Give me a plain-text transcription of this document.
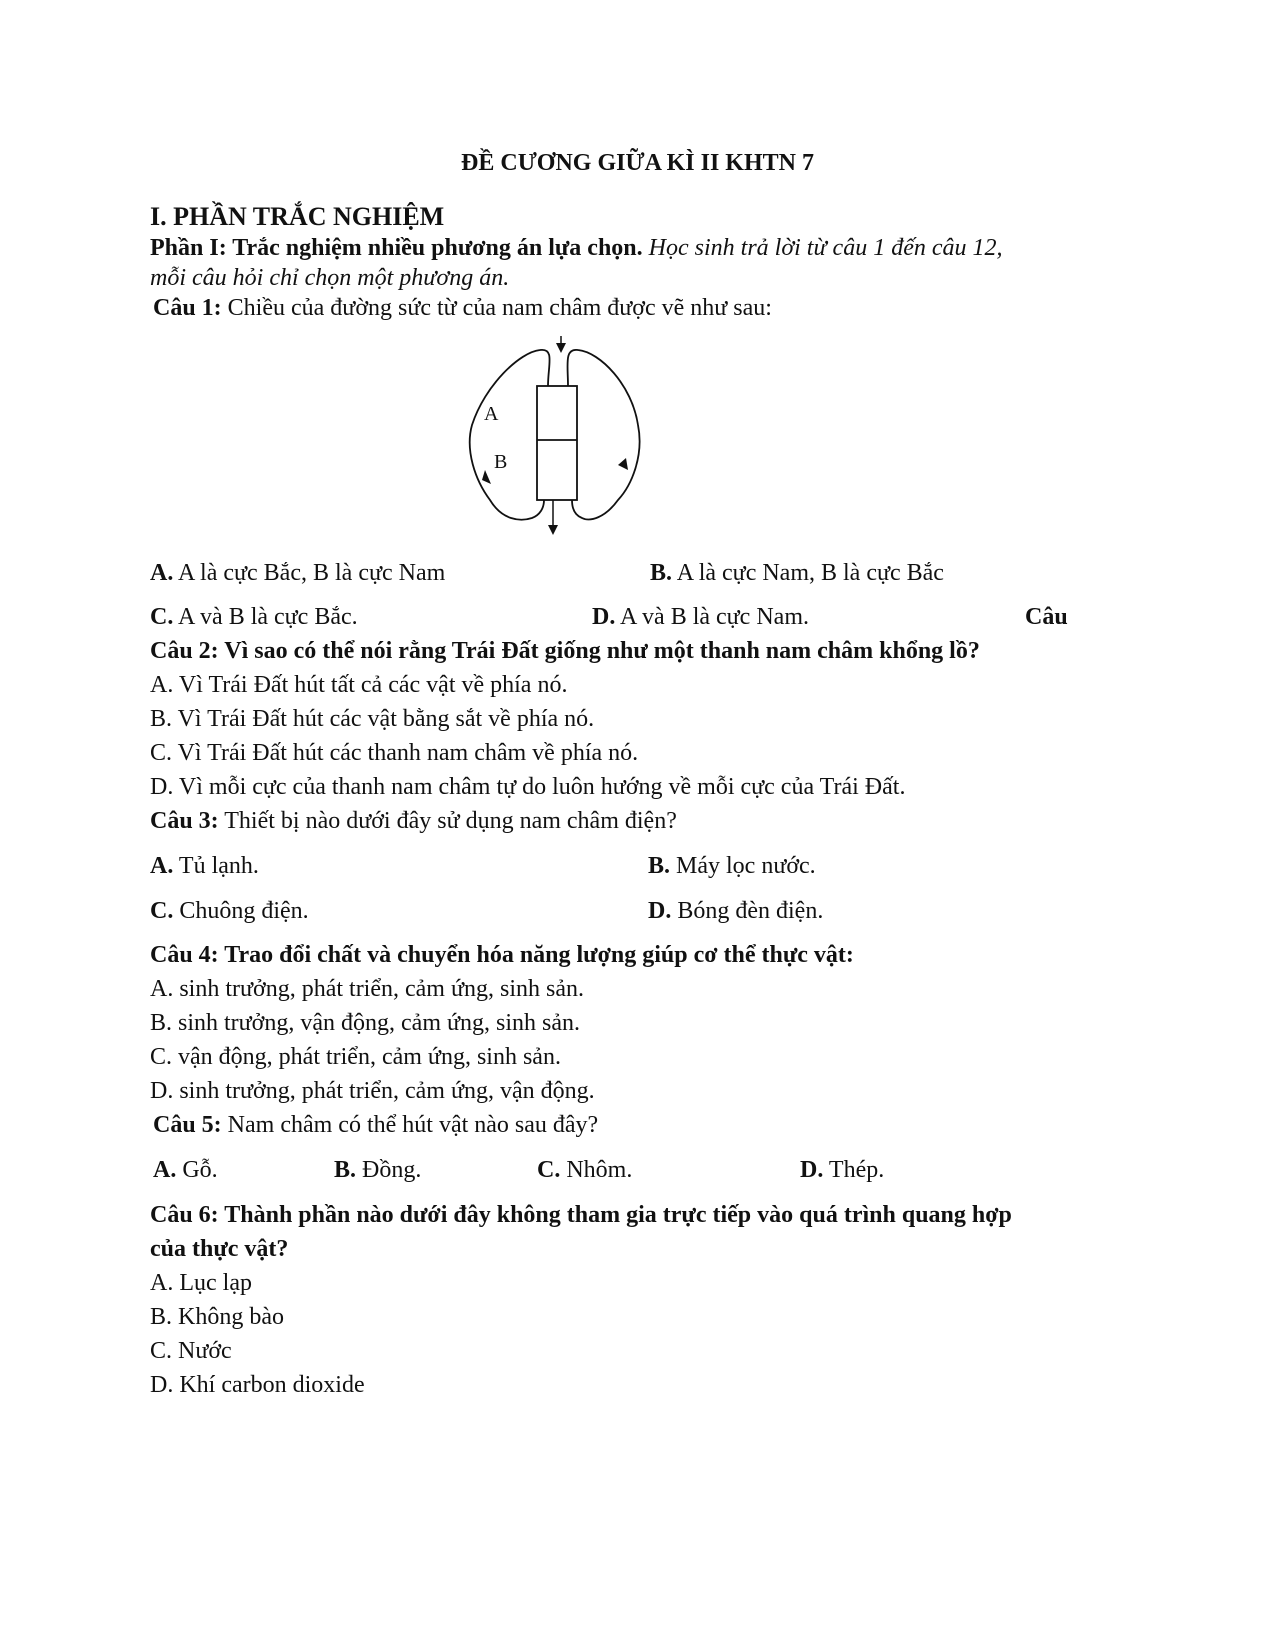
ĐỀ CƯƠNG GIỮA KÌ II KHTN 7
I. PHẦN TRẮC NGHIỆM
Phần I: Trắc nghiệm nhiều phương án lựa chọn. Học sinh trả lời từ câu 1 đến câu 12,
mỗi câu hỏi chỉ chọn một phương án.
Câu 1: Chiều của đường sức từ của nam châm được vẽ như sau:
A
B
A. A là cực Bắc, B là cực Nam	B. A là cực Nam, B là cực Bắc
C. A và B là cực Bắc.	D. A và B là cực Nam.	Câu
Câu 2: Vì sao có thể nói rằng Trái Đất giống như một thanh nam châm khổng lồ?
A. Vì Trái Đất hút tất cả các vật về phía nó.
B. Vì Trái Đất hút các vật bằng sắt về phía nó.
C. Vì Trái Đất hút các thanh nam châm về phía nó.
D. Vì mỗi cực của thanh nam châm tự do luôn hướng về mỗi cực của Trái Đất.
Câu 3: Thiết bị nào dưới đây sử dụng nam châm điện?
A. Tủ lạnh.	B. Máy lọc nước.
C. Chuông điện.	D. Bóng đèn điện.
Câu 4: Trao đổi chất và chuyển hóa năng lượng giúp cơ thể thực vật:
A. sinh trưởng, phát triển, cảm ứng, sinh sản.
B. sinh trưởng, vận động, cảm ứng, sinh sản.
C. vận động, phát triển, cảm ứng, sinh sản.
D. sinh trưởng, phát triển, cảm ứng, vận động.
Câu 5: Nam châm có thể hút vật nào sau đây?
A. Gỗ.	B. Đồng.	C. Nhôm.	D. Thép.
Câu 6: Thành phần nào dưới đây không tham gia trực tiếp vào quá trình quang hợp
của thực vật?
A. Lục lạp
B. Không bào
C. Nước
D. Khí carbon dioxide
